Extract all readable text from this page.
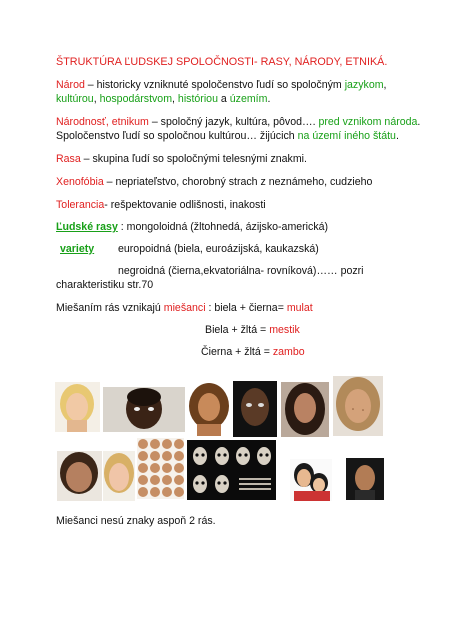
ŠTRUKTÚRA ĽUDSKEJ SPOLOČNOSTI- RASY, NÁRODY, ETNIKÁ.
Národ – historicky vzniknuté spoločenstvo ľudí so spoločným jazykom,
kultúrou, hospodárstvom, históriou a územím.
Národnosť, etnikum – spoločný jazyk, kultúra, pôvod…. pred vznikom národa.
Spoločenstvo ľudí so spoločnou kultúrou… žijúcich na území iného štátu.
Rasa – skupina ľudí so spoločnými telesnými znakmi.
Xenofóbia – nepriateľstvo, chorobný strach z neznámeho, cudzieho
Tolerancia- rešpektovanie odlišnosti, inakosti
Ľudské rasy : mongoloidná (žltohnedá, ázijsko-americká)
variety europoidná (biela, euroázijská, kaukazská)
negroidná (čierna,ekvatoriálna- rovníková)…… pozri
charakteristiku str.70
Miešaním rás vznikajú miešanci : biela + čierna= mulat
Biela + žltá = mestik
Čierna + žltá = zambo
Miešanci nesú znaky aspoň 2 rás.
